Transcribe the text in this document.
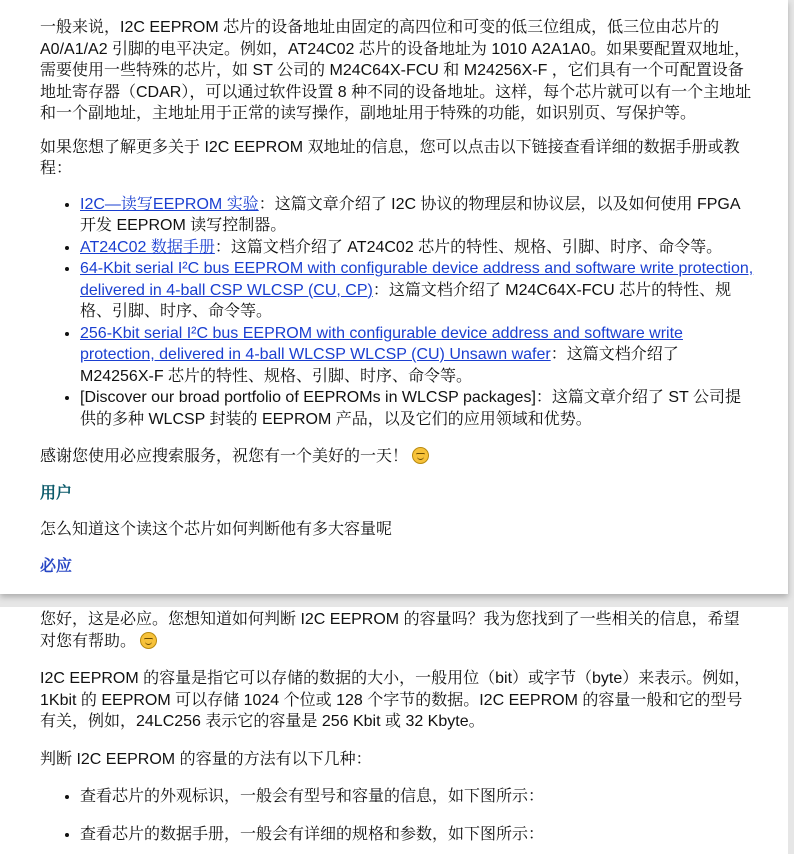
一般来说，I2C EEPROM 芯片的设备地址由固定的高四位和可变的低三位组成，低三位由芯片的A0/A1/A2 引脚的电平决定。例如，AT24C02 芯片的设备地址为 1010 A2A1A0。如果要配置双地址，需要使用一些特殊的芯片，如 ST 公司的 M24C64X-FCU 和 M24256X-F ，它们具有一个可配置设备地址寄存器（CDAR），可以通过软件设置 8 种不同的设备地址。这样，每个芯片就可以有一个主地址和一个副地址，主地址用于正常的读写操作，副地址用于特殊的功能，如识别页、写保护等。

如果您想了解更多关于 I2C EEPROM 双地址的信息，您可以点击以下链接查看详细的数据手册或教程：

• I2C—读写EEPROM 实验：这篇文章介绍了 I2C 协议的物理层和协议层，以及如何使用 FPGA 开发 EEPROM 读写控制器。
• AT24C02 数据手册：这篇文档介绍了 AT24C02 芯片的特性、规格、引脚、时序、命令等。
• 64-Kbit serial I²C bus EEPROM with configurable device address and software write protection, delivered in 4-ball CSP WLCSP (CU, CP)：这篇文档介绍了 M24C64X-FCU 芯片的特性、规格、引脚、时序、命令等。
• 256-Kbit serial I²C bus EEPROM with configurable device address and software write protection, delivered in 4-ball WLCSP WLCSP (CU) Unsawn wafer：这篇文档介绍了 M24256X-F 芯片的特性、规格、引脚、时序、命令等。
• [Discover our broad portfolio of EEPROMs in WLCSP packages]：这篇文章介绍了 ST 公司提供的多种 WLCSP 封装的 EEPROM 产品，以及它们的应用领域和优势。

感谢您使用必应搜索服务，祝您有一个美好的一天！

用户

怎么知道这个读这个芯片如何判断他有多大容量呢

必应

您好，这是必应。您想知道如何判断 I2C EEPROM 的容量吗？我为您找到了一些相关的信息，希望对您有帮助。

I2C EEPROM 的容量是指它可以存储的数据的大小，一般用位（bit）或字节（byte）来表示。例如，1Kbit 的 EEPROM 可以存储 1024 个位或 128 个字节的数据。I2C EEPROM 的容量一般和它的型号有关，例如，24LC256 表示它的容量是 256 Kbit 或 32 Kbyte。

判断 I2C EEPROM 的容量的方法有以下几种：

• 查看芯片的外观标识，一般会有型号和容量的信息，如下图所示：
• 查看芯片的数据手册，一般会有详细的规格和参数，如下图所示：
